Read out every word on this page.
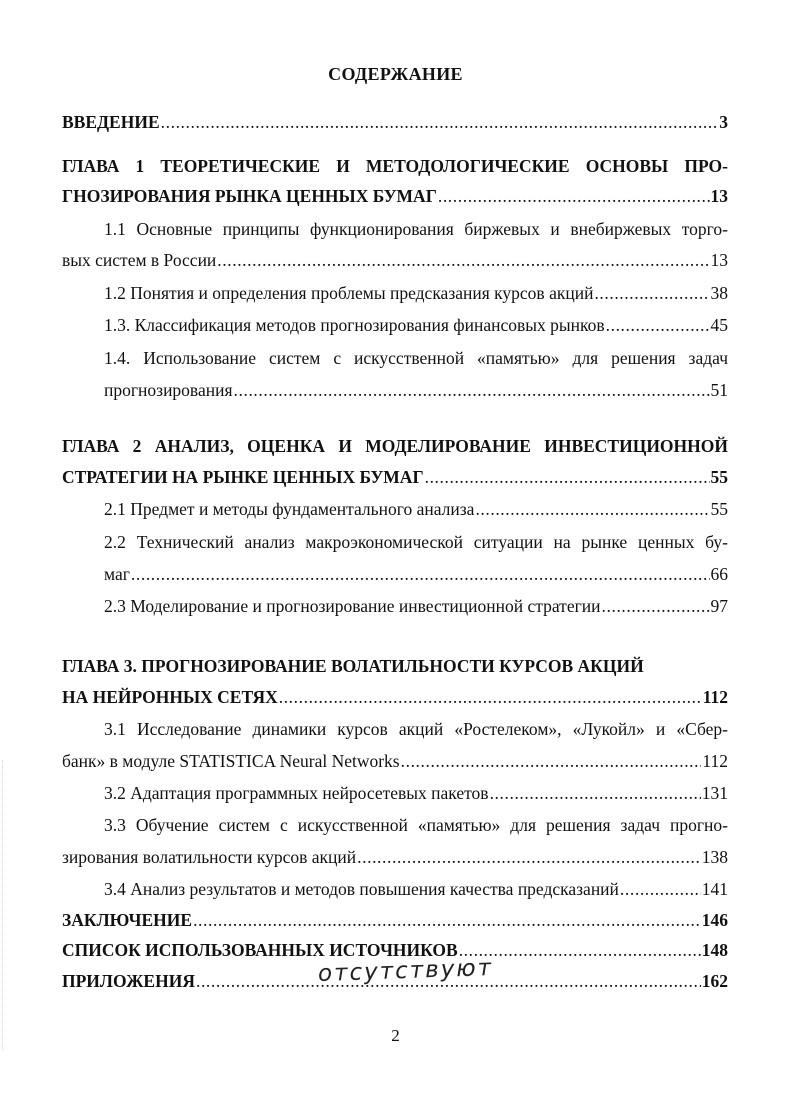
СОДЕРЖАНИЕ
ВВЕДЕНИЕ .....	3
ГЛАВА 1 ТЕОРЕТИЧЕСКИЕ И МЕТОДОЛОГИЧЕСКИЕ ОСНОВЫ ПРО-
ГНОЗИРОВАНИЯ РЫНКА ЦЕННЫХ БУМАГ .....	13
1.1 Основные принципы функционирования биржевых и внебиржевых торго-
вых систем в России .....	13
1.2 Понятия и определения проблемы предсказания курсов акций .....	38
1.3. Классификация методов прогнозирования финансовых рынков .....	45
1.4. Использование систем с искусственной «памятью» для решения задач
прогнозирования .....	51
ГЛАВА 2 АНАЛИЗ, ОЦЕНКА И МОДЕЛИРОВАНИЕ ИНВЕСТИЦИОННОЙ
СТРАТЕГИИ НА РЫНКЕ ЦЕННЫХ БУМАГ .....	55
2.1 Предмет и методы фундаментального анализа .....	55
2.2 Технический анализ макроэкономической ситуации на рынке ценных бу-
маг .....	66
2.3 Моделирование и прогнозирование инвестиционной стратегии .....	97
ГЛАВА 3. ПРОГНОЗИРОВАНИЕ ВОЛАТИЛЬНОСТИ КУРСОВ АКЦИЙ
НА НЕЙРОННЫХ СЕТЯХ .....	112
3.1 Исследование динамики курсов акций «Ростелеком», «Лукойл» и «Сбер-
банк» в модуле STATISTICA Neural Networks .....	112
3.2 Адаптация программных нейросетевых пакетов .....	131
3.3 Обучение систем с искусственной «памятью» для решения задач прогно-
зирования волатильности курсов акций .....	138
3.4 Анализ результатов и методов повышения качества предсказаний .....	141
ЗАКЛЮЧЕНИЕ .....	146
СПИСОК ИСПОЛЬЗОВАННЫХ ИСТОЧНИКОВ .....	148
ПРИЛОЖЕНИЯ .....	162
отсутствуют
2
